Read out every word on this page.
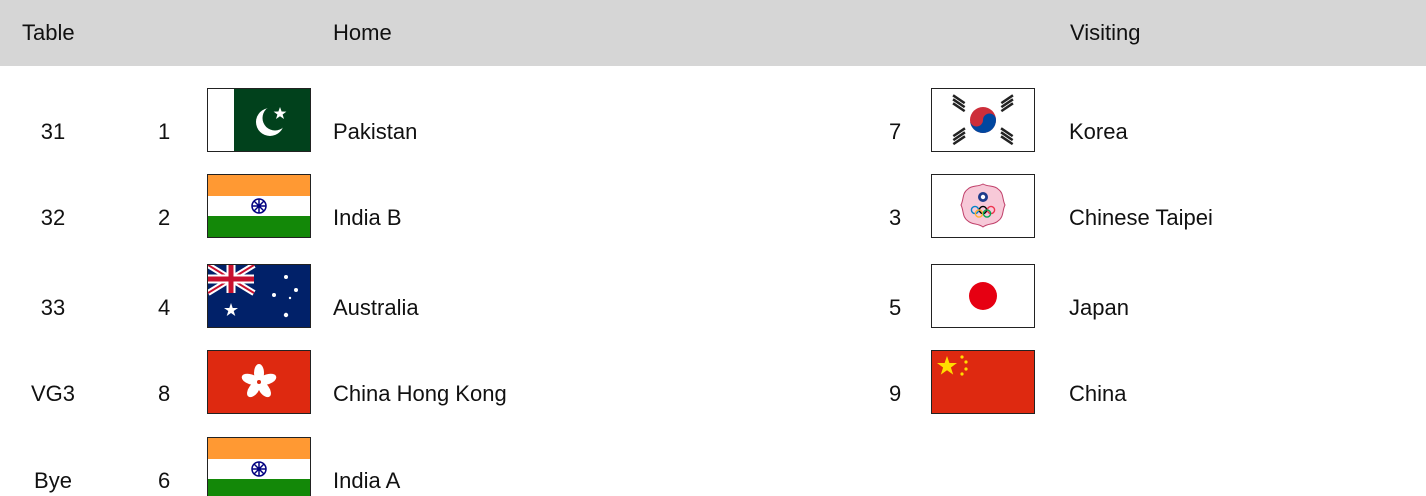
Table	Home	Visiting
31	1	Pakistan	7	Korea
32	2	India B	3	Chinese Taipei
33	4	Australia	5	Japan
VG3	8	China Hong Kong	9	China
Bye	6	India A
